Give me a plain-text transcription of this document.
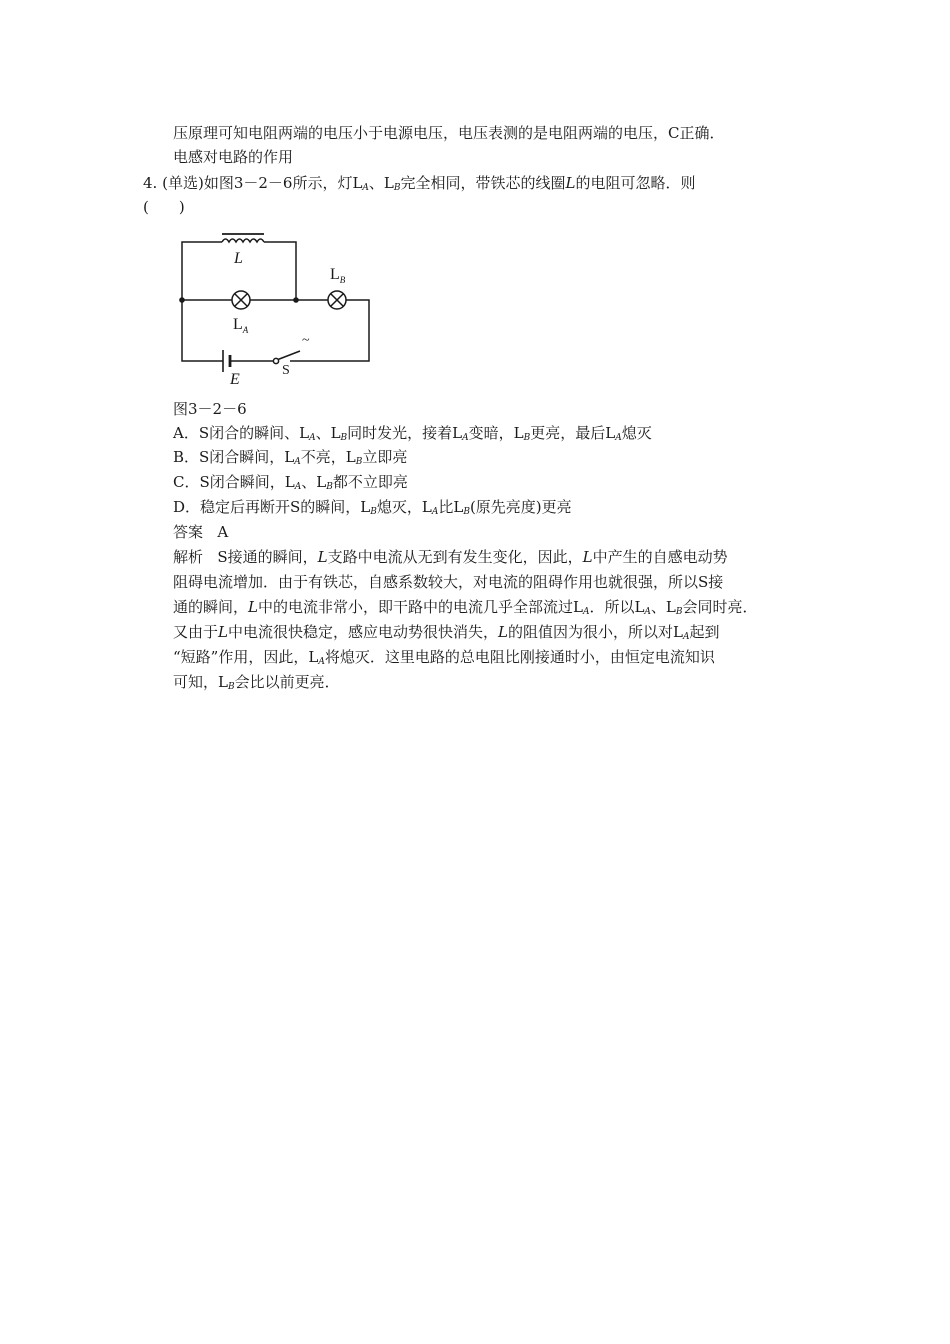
压原理可知电阻两端的电压小于电源电压，电压表测的是电阻两端的电压，C正确．
电感对电路的作用
4. (单选)如图3－2－6所示，灯$L_A$、$L_B$完全相同，带铁芯的线圈L的电阻可忽略．则
(　　)
L
$L_B$
$L_A$
E
S
~
图3－2－6
A．S闭合的瞬间、$L_A$、$L_B$同时发光，接着$L_A$变暗，$L_B$更亮，最后$L_A$熄灭
B．S闭合瞬间，$L_A$不亮，$L_B$立即亮
C．S闭合瞬间，$L_A$、$L_B$都不立即亮
D．稳定后再断开S的瞬间，$L_B$熄灭，$L_A$比$L_B$(原先亮度)更亮
答案 A
解析 S接通的瞬间，L支路中电流从无到有发生变化，因此，L中产生的自感电动势
阻碍电流增加．由于有铁芯，自感系数较大，对电流的阻碍作用也就很强，所以S接
通的瞬间，L中的电流非常小，即干路中的电流几乎全部流过$L_A$．所以$L_A$、$L_B$会同时亮．
又由于L中电流很快稳定，感应电动势很快消失，L的阻值因为很小，所以对$L_A$起到
“短路”作用，因此，$L_A$将熄灭．这里电路的总电阻比刚接通时小，由恒定电流知识
可知，$L_B$会比以前更亮．
